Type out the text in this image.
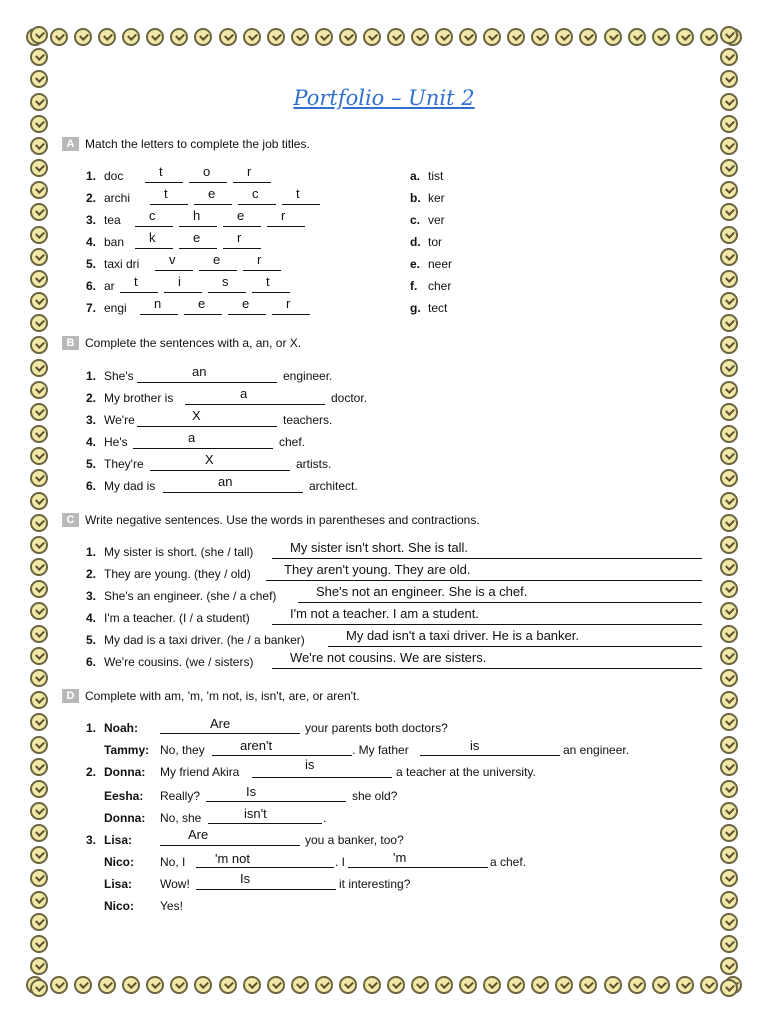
Portfolio – Unit 2
A Match the letters to complete the job titles.
1. doc	t	o	r	a. tist
2. archi	t	e	c	t	b. ker
3. tea c	h	e	r	c. ver
4. ban k	e	r	d. tor
5. taxi dri v	e	r	e. neer
6. ar t	i	s	t	f. cher
7. engi n	e	e	r	g. tect
B Complete the sentences with a, an, or X.
1. She's	an	engineer.
2. My brother is	a	doctor.
3. We're	X	teachers.
4. He's	a	chef.
5. They're	X	artists.
6. My dad is	an	architect.
C Write negative sentences. Use the words in parentheses and contractions.
1. My sister is short. (she / tall)	My sister isn't short. She is tall.
2. They are young. (they / old)	They aren't young. They are old.
3. She's an engineer. (she / a chef)	She's not an engineer. She is a chef.
4. I'm a teacher. (I / a student)	I'm not a teacher. I am a student.
5. My dad is a taxi driver. (he / a banker)	My dad isn't a taxi driver. He is a banker.
6. We're cousins. (we / sisters)	We're not cousins. We are sisters.
D Complete with am, 'm, 'm not, is, isn't, are, or aren't.
1. Noah:	Are	your parents both doctors?
Tammy: No, they	aren't	. My father	is	an engineer.
2. Donna: My friend Akira	is	a teacher at the university.
Eesha: Really?	Is	she old?
Donna: No, she	isn't	.
3. Lisa:	Are	you a banker, too?
Nico: No, I 'm not	. I	'm	a chef.
Lisa: Wow!	Is	it interesting?
Nico: Yes!
